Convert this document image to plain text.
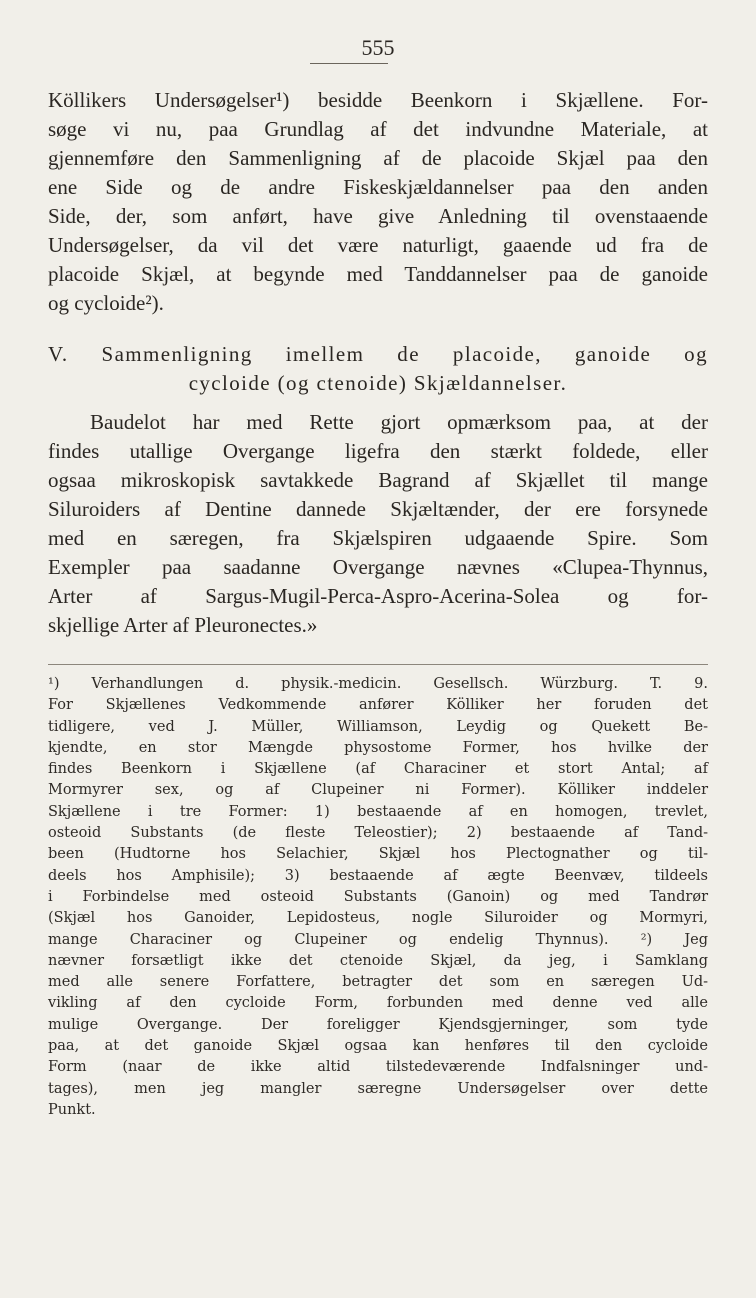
555

Köllikers Undersøgelser¹) besidde Beenkorn i Skjællene. For-
søge vi nu, paa Grundlag af det indvundne Materiale, at
gjennemføre den Sammenligning af de placoide Skjæl paa den
ene Side og de andre Fiskeskjældannelser paa den anden
Side, der, som anført, have give Anledning til ovenstaaende
Undersøgelser, da vil det være naturligt, gaaende ud fra de
placoide Skjæl, at begynde med Tanddannelser paa de ganoide
og cycloide²).

V. Sammenligning imellem de placoide, ganoide og
cycloide (og ctenoide) Skjældannelser.

Baudelot har med Rette gjort opmærksom paa, at der
findes utallige Overgange ligefra den stærkt foldede, eller
ogsaa mikroskopisk savtakkede Bagrand af Skjællet til mange
Siluroiders af Dentine dannede Skjæltænder, der ere forsynede
med en særegen, fra Skjælspiren udgaaende Spire. Som
Exempler paa saadanne Overgange nævnes «Clupea-Thynnus,
Arter af Sargus-Mugil-Perca-Aspro-Acerina-Solea og for-
skjellige Arter af Pleuronectes.»

¹) Verhandlungen d. physik.-medicin. Gesellsch. Würzburg. T. 9.
For Skjællenes Vedkommende anfører Kölliker her foruden det
tidligere, ved J. Müller, Williamson, Leydig og Quekett Be-
kjendte, en stor Mængde physostome Former, hos hvilke der
findes Beenkorn i Skjællene (af Characiner et stort Antal; af
Mormyrer sex, og af Clupeiner ni Former). Kölliker inddeler
Skjællene i tre Former: 1) bestaaende af en homogen, trevlet,
osteoid Substants (de fleste Teleostier); 2) bestaaende af Tand-
been (Hudtorne hos Selachier, Skjæl hos Plectognather og til-
deels hos Amphisile); 3) bestaaende af ægte Beenvæv, tildeels
i Forbindelse med osteoid Substants (Ganoin) og med Tandrør
(Skjæl hos Ganoider, Lepidosteus, nogle Siluroider og Mormyri,
mange Characiner og Clupeiner og endelig Thynnus). ²) Jeg
nævner forsætligt ikke det ctenoide Skjæl, da jeg, i Samklang
med alle senere Forfattere, betragter det som en særegen Ud-
vikling af den cycloide Form, forbunden med denne ved alle
mulige Overgange. Der foreligger Kjendsgjerninger, som tyde
paa, at det ganoide Skjæl ogsaa kan henføres til den cycloide
Form (naar de ikke altid tilstedeværende Indfalsninger und-
tages), men jeg mangler særegne Undersøgelser over dette
Punkt.
